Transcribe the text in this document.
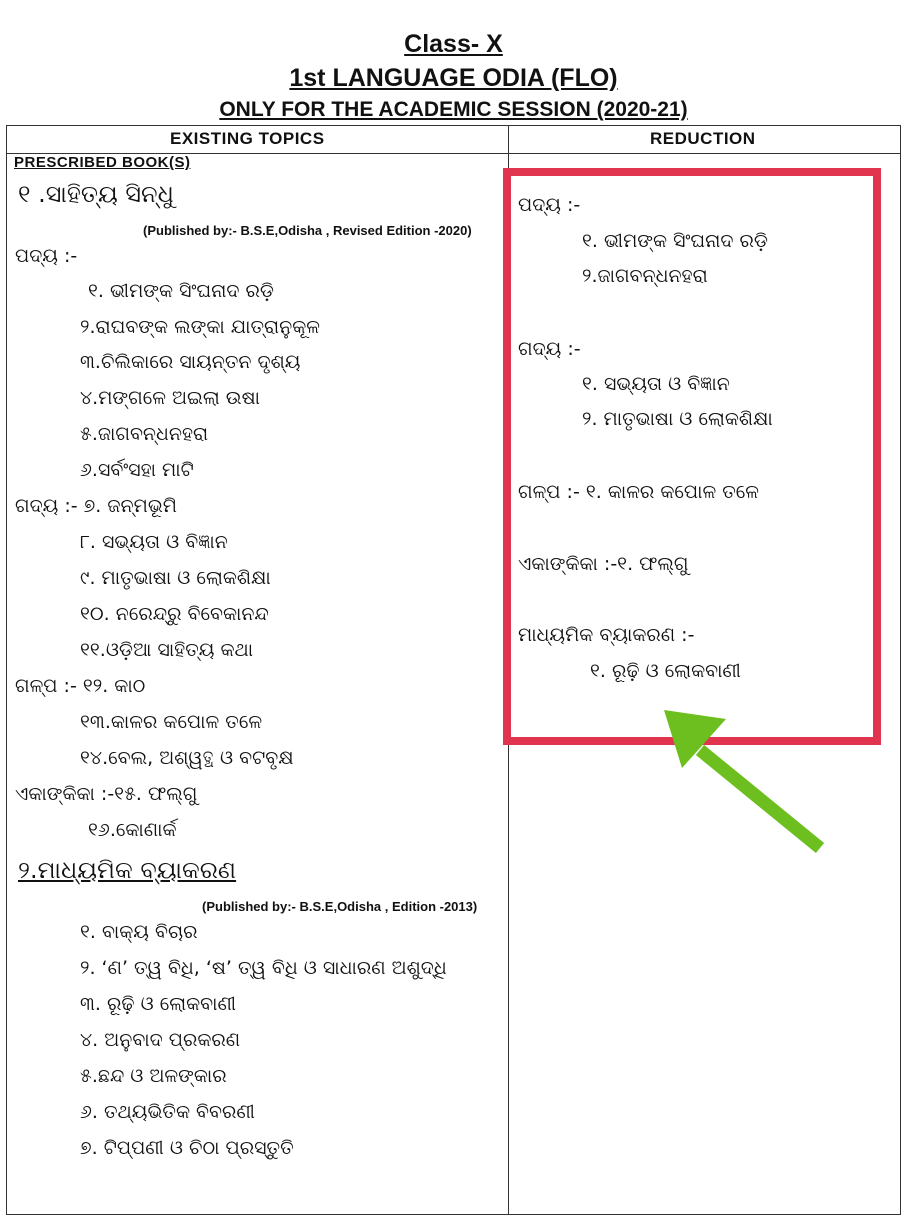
Class- X
1st LANGUAGE ODIA (FLO)
ONLY FOR THE ACADEMIC SESSION (2020-21)
EXISTING TOPICS	REDUCTION
PRESCRIBED BOOK(S)
୧ .ସାହିତ୍ୟ ସିନ୍ଧୁ
(Published by:- B.S.E,Odisha , Revised Edition -2020)
ପଦ୍ୟ :-
୧. ଭୀମଙ୍କ ସିଂଘନାଦ ରଡ଼ି
୨.ରାଘବଙ୍କ ଲଙ୍କା ଯାତ୍ରାନୁକୂଳ
୩.ଚିଲିକାରେ ସାୟନ୍ତନ ଦୃଶ୍ୟ
୪.ମଙ୍ଗଳେ ଅଇଲା ଉଷା
୫.ଜାଗବନ୍ଧନହରା
୬.ସର୍ବଂସହା ମାଟି
ଗଦ୍ୟ :- ୭. ଜନ୍ମଭୂମି
୮. ସଭ୍ୟତା ଓ ବିଜ୍ଞାନ
୯. ମାତୃଭାଷା ଓ ଲୋକଶିକ୍ଷା
୧୦. ନରେନ୍ଦ୍ରୁ ବିବେକାନନ୍ଦ
୧୧.ଓଡ଼ିଆ ସାହିତ୍ୟ କଥା
ଗଳ୍ପ :- ୧୨. କାଠ
୧୩.କାଳର କପୋଳ ତଳେ
୧୪.ବେଲ, ଅଶ୍ୱତ୍ଥ ଓ ବଟବୃକ୍ଷ
ଏକାଙ୍କିକା :-୧୫. ଫଲ୍‌ଗୁ
୧୬.କୋଣାର୍କ
୨.ମାଧ୍ୟମିକ ବ୍ୟାକରଣ
(Published by:- B.S.E,Odisha , Edition -2013)
୧. ବାକ୍ୟ ବିଚାର
୨. ‘ଣ’ ତ୍ୱ ବିଧି, ‘ଷ’ ତ୍ୱ ବିଧି ଓ ସାଧାରଣ ଅଶୁଦ୍ଧି
୩. ରୂଢ଼ି ଓ ଲୋକବାଣୀ
୪. ଅନୁବାଦ ପ୍ରକରଣ
୫.ଛନ୍ଦ ଓ ଅଳଙ୍କାର
୬. ତଥ୍ୟଭିତିକ ବିବରଣୀ
୭. ଟିପ୍ପଣୀ ଓ ଚିଠା ପ୍ରସ୍ତୁତି
ପଦ୍ୟ :-
୧. ଭୀମଙ୍କ ସିଂଘନାଦ ରଡ଼ି
୨.ଜାଗବନ୍ଧନହରା
ଗଦ୍ୟ :-
୧. ସଭ୍ୟତା ଓ ବିଜ୍ଞାନ
୨. ମାତୃଭାଷା ଓ ଲୋକଶିକ୍ଷା
ଗଳ୍ପ :- ୧. କାଳର କପୋଳ ତଳେ
ଏକାଙ୍କିକା :-୧. ଫଲ୍‌ଗୁ
ମାଧ୍ୟମିକ ବ୍ୟାକରଣ :-
୧. ରୂଢ଼ି ଓ ଲୋକବାଣୀ
